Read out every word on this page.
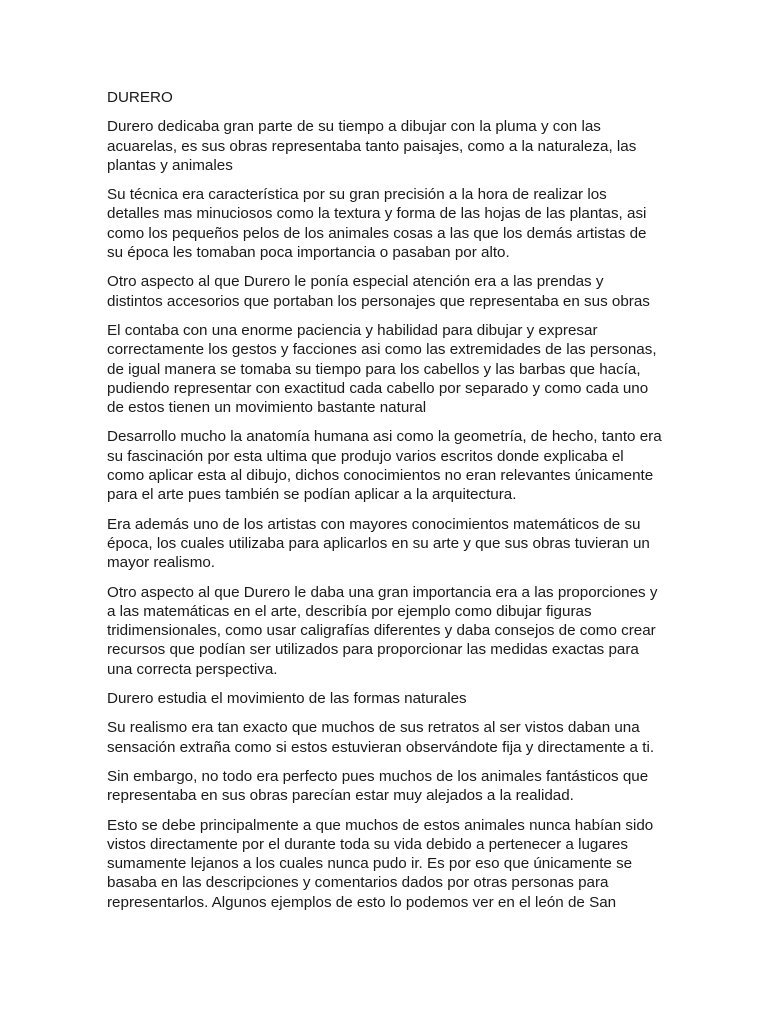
DURERO

Durero dedicaba gran parte de su tiempo a dibujar con la pluma y con las acuarelas, es sus obras representaba tanto paisajes, como a la naturaleza, las plantas y animales

Su técnica era característica por su gran precisión a la hora de realizar los detalles mas minuciosos como la textura y forma de las hojas de las plantas, asi como los pequeños pelos de los animales cosas a las que los demás artistas de su época les tomaban poca importancia o pasaban por alto.

Otro aspecto al que Durero le ponía especial atención era a las prendas y distintos accesorios que portaban los personajes que representaba en sus obras

El contaba con una enorme paciencia y habilidad para dibujar y expresar correctamente los gestos y facciones asi como las extremidades de las personas, de igual manera se tomaba su tiempo para los cabellos y las barbas que hacía, pudiendo representar con exactitud cada cabello por separado y como cada uno de estos tienen un movimiento bastante natural

Desarrollo mucho la anatomía humana asi como la geometría, de hecho, tanto era su fascinación por esta ultima que produjo varios escritos donde explicaba el como aplicar esta al dibujo, dichos conocimientos no eran relevantes únicamente para el arte pues también se podían aplicar a la arquitectura.

Era además uno de los artistas con mayores conocimientos matemáticos de su época, los cuales utilizaba para aplicarlos en su arte y que sus obras tuvieran un mayor realismo.

Otro aspecto al que Durero le daba una gran importancia era a las proporciones y a las matemáticas en el arte, describía por ejemplo como dibujar figuras tridimensionales, como usar caligrafías diferentes y daba consejos de como crear recursos que podían ser utilizados para proporcionar las medidas exactas para una correcta perspectiva.

Durero estudia el movimiento de las formas naturales

Su realismo era tan exacto que muchos de sus retratos al ser vistos daban una sensación extraña como si estos estuvieran observándote fija y directamente a ti.

Sin embargo, no todo era perfecto pues muchos de los animales fantásticos que representaba en sus obras parecían estar muy alejados a la realidad.

Esto se debe principalmente a que muchos de estos animales nunca habían sido vistos directamente por el durante toda su vida debido a pertenecer a lugares sumamente lejanos a los cuales nunca pudo ir. Es por eso que únicamente se basaba en las descripciones y comentarios dados por otras personas para representarlos. Algunos ejemplos de esto lo podemos ver en el león de San
